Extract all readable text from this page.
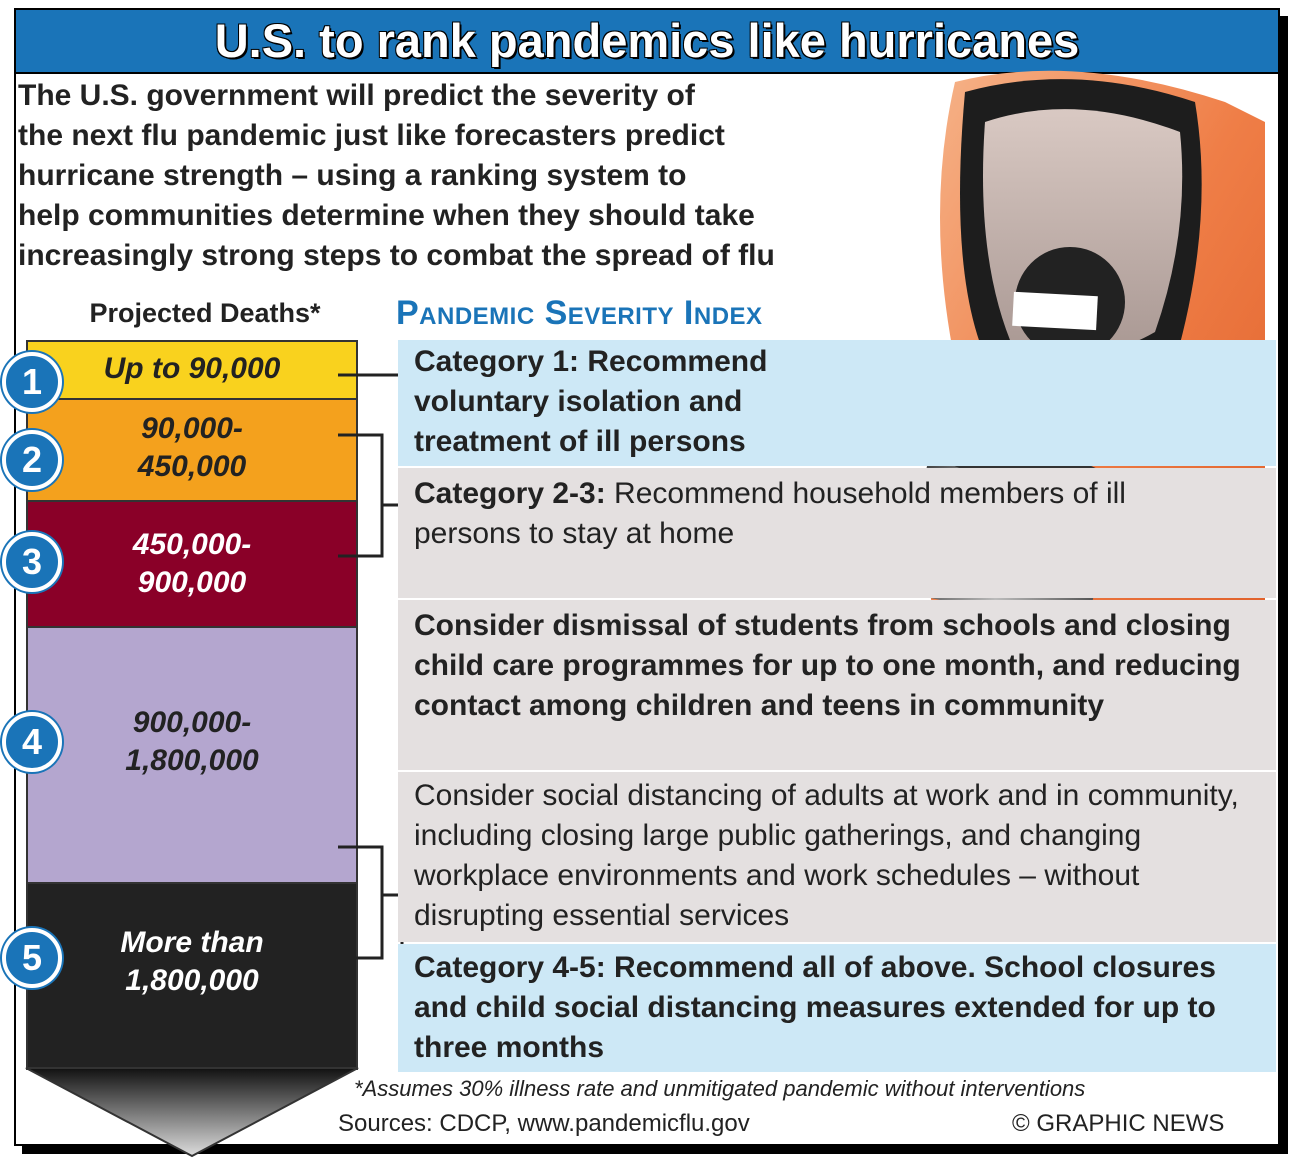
U.S. to rank pandemics like hurricanes
The U.S. government will predict the severity of
the next flu pandemic just like forecasters predict
hurricane strength – using a ranking system to
help communities determine when they should take
increasingly strong steps to combat the spread of flu
Projected Deaths*	Pandemic Severity Index
Up to 90,000
90,000-
450,000
450,000-
900,000
900,000-
1,800,000
More than
1,800,000
1
2
3
4
5
Category 1: Recommend
voluntary isolation and
treatment of ill persons
Category 2-3: Recommend household members of ill persons to stay at home
Consider dismissal of students from schools and closing child care programmes for up to one month, and reducing contact among children and teens in community
Consider social distancing of adults at work and in community, including closing large public gatherings, and changing workplace environments and work schedules – without disrupting essential services
Category 4-5: Recommend all of above. School closures and child social distancing measures extended for up to three months
*Assumes 30% illness rate and unmitigated pandemic without interventions
Sources: CDCP, www.pandemicflu.gov	© GRAPHIC NEWS
